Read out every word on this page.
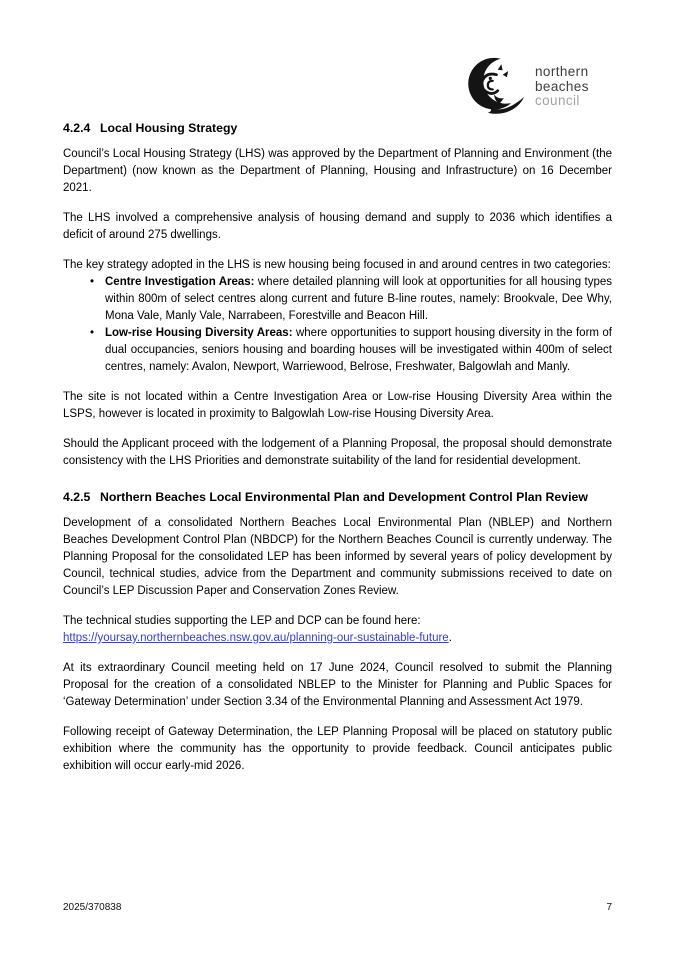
northern
beaches
council
4.2.4 Local Housing Strategy

Council’s Local Housing Strategy (LHS) was approved by the Department of Planning and Environment (the Department) (now known as the Department of Planning, Housing and Infrastructure) on 16 December 2021.

The LHS involved a comprehensive analysis of housing demand and supply to 2036 which identifies a deficit of around 275 dwellings.

The key strategy adopted in the LHS is new housing being focused in and around centres in two categories:

• Centre Investigation Areas: where detailed planning will look at opportunities for all housing types within 800m of select centres along current and future B-line routes, namely: Brookvale, Dee Why, Mona Vale, Manly Vale, Narrabeen, Forestville and Beacon Hill.
• Low-rise Housing Diversity Areas: where opportunities to support housing diversity in the form of dual occupancies, seniors housing and boarding houses will be investigated within 400m of select centres, namely: Avalon, Newport, Warriewood, Belrose, Freshwater, Balgowlah and Manly.

The site is not located within a Centre Investigation Area or Low-rise Housing Diversity Area within the LSPS, however is located in proximity to Balgowlah Low-rise Housing Diversity Area.

Should the Applicant proceed with the lodgement of a Planning Proposal, the proposal should demonstrate consistency with the LHS Priorities and demonstrate suitability of the land for residential development.

4.2.5 Northern Beaches Local Environmental Plan and Development Control Plan Review

Development of a consolidated Northern Beaches Local Environmental Plan (NBLEP) and Northern Beaches Development Control Plan (NBDCP) for the Northern Beaches Council is currently underway. The Planning Proposal for the consolidated LEP has been informed by several years of policy development by Council, technical studies, advice from the Department and community submissions received to date on Council’s LEP Discussion Paper and Conservation Zones Review.

The technical studies supporting the LEP and DCP can be found here:
https://yoursay.northernbeaches.nsw.gov.au/planning-our-sustainable-future.

At its extraordinary Council meeting held on 17 June 2024, Council resolved to submit the Planning Proposal for the creation of a consolidated NBLEP to the Minister for Planning and Public Spaces for ‘Gateway Determination’ under Section 3.34 of the Environmental Planning and Assessment Act 1979.

Following receipt of Gateway Determination, the LEP Planning Proposal will be placed on statutory public exhibition where the community has the opportunity to provide feedback. Council anticipates public exhibition will occur early-mid 2026.

2025/370838	7
